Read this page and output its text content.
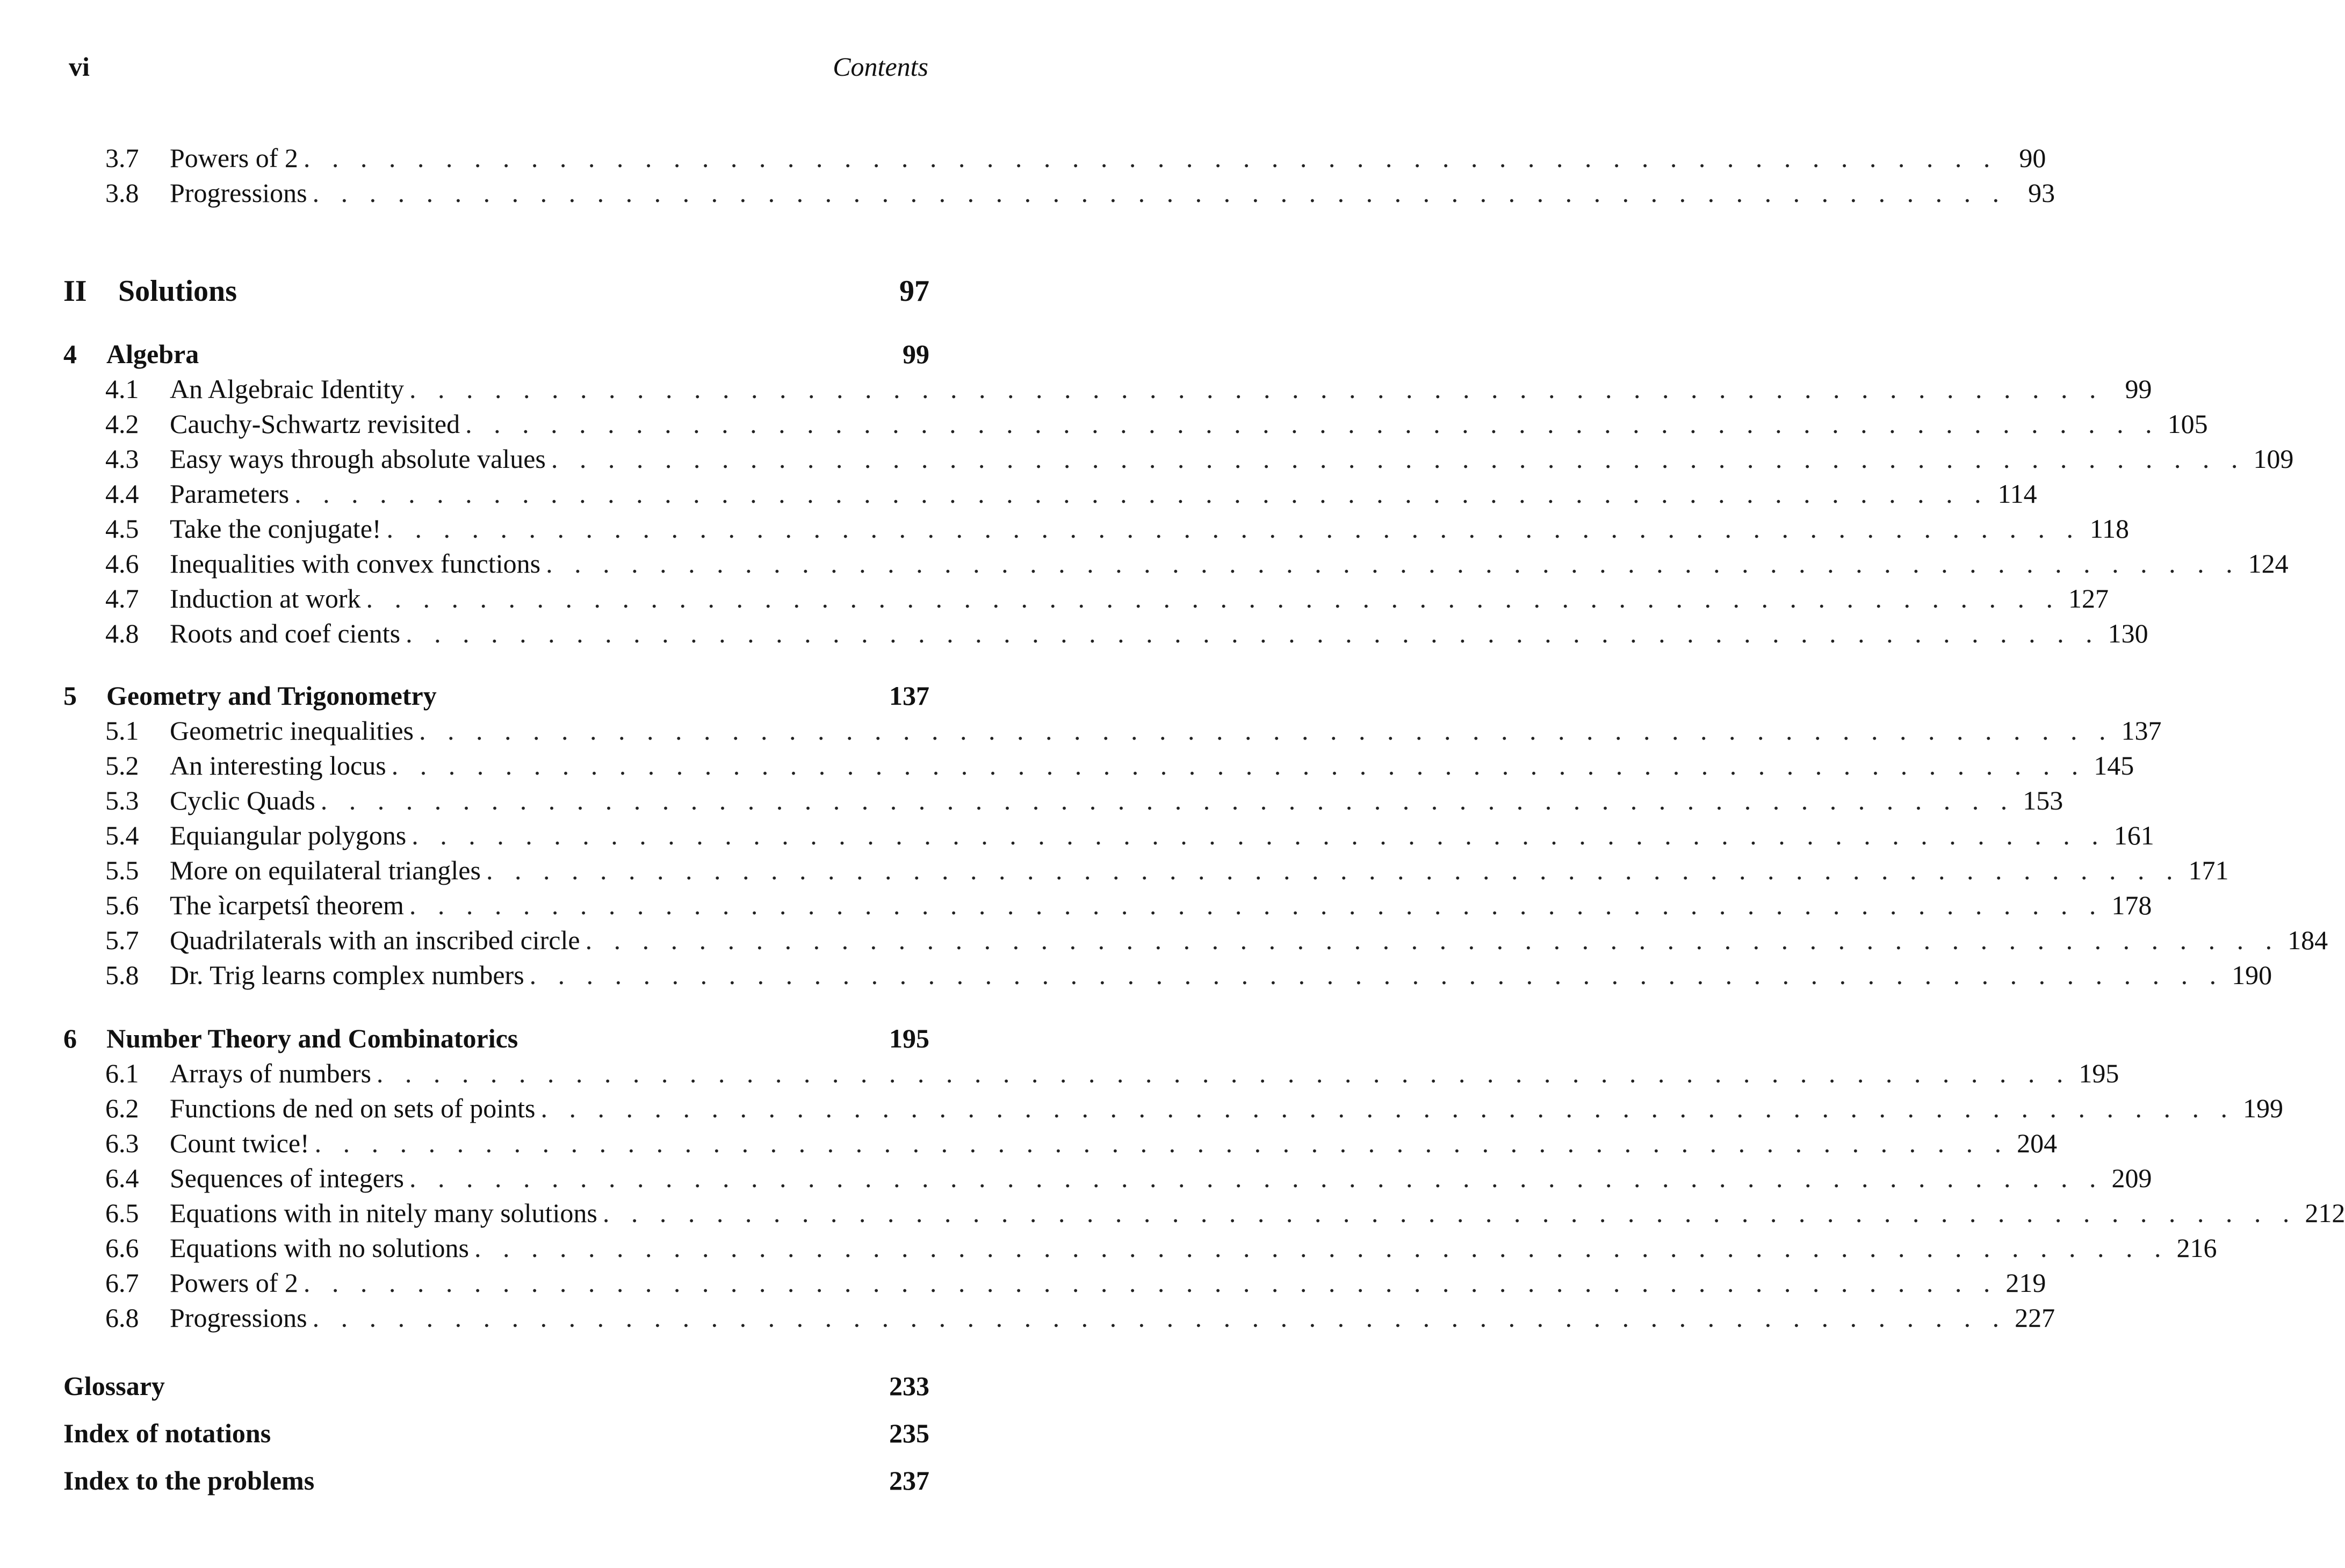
vi	Contents
3.7	Powers of 2 . . . . . . . . . . . . . . . . . . . . . . . . . . . . . . . . . . . . . . . . . . . . . . . . . . . . . . . . . . . . 90
3.8	Progressions . . . . . . . . . . . . . . . . . . . . . . . . . . . . . . . . . . . . . . . . . . . . . . . . . . . . . . . . . . . . 93
II	Solutions	97
4	Algebra	99
4.1	An Algebraic Identity . . . . . . . . . . . . . . . . . . . . . . . . . . . . . . . . . . . . . . . . . . . . . . . . . . . . . . . . . . . . 99
4.2	Cauchy-Schwartz revisited . . . . . . . . . . . . . . . . . . . . . . . . . . . . . . . . . . . . . . . . . . . . . . . . . . . . . . . . . . . . 105
4.3	Easy ways through absolute values . . . . . . . . . . . . . . . . . . . . . . . . . . . . . . . . . . . . . . . . . . . . . . . . . . . . . . . . . . . . 109
4.4	Parameters . . . . . . . . . . . . . . . . . . . . . . . . . . . . . . . . . . . . . . . . . . . . . . . . . . . . . . . . . . . . 114
4.5	Take the conjugate! . . . . . . . . . . . . . . . . . . . . . . . . . . . . . . . . . . . . . . . . . . . . . . . . . . . . . . . . . . . . 118
4.6	Inequalities with convex functions . . . . . . . . . . . . . . . . . . . . . . . . . . . . . . . . . . . . . . . . . . . . . . . . . . . . . . . . . . . . 124
4.7	Induction at work . . . . . . . . . . . . . . . . . . . . . . . . . . . . . . . . . . . . . . . . . . . . . . . . . . . . . . . . . . . . 127
4.8	Roots and coef cients . . . . . . . . . . . . . . . . . . . . . . . . . . . . . . . . . . . . . . . . . . . . . . . . . . . . . . . . . . . . 130
5	Geometry and Trigonometry	137
5.1	Geometric inequalities . . . . . . . . . . . . . . . . . . . . . . . . . . . . . . . . . . . . . . . . . . . . . . . . . . . . . . . . . . . . 137
5.2	An interesting locus . . . . . . . . . . . . . . . . . . . . . . . . . . . . . . . . . . . . . . . . . . . . . . . . . . . . . . . . . . . . 145
5.3	Cyclic Quads . . . . . . . . . . . . . . . . . . . . . . . . . . . . . . . . . . . . . . . . . . . . . . . . . . . . . . . . . . . . 153
5.4	Equiangular polygons . . . . . . . . . . . . . . . . . . . . . . . . . . . . . . . . . . . . . . . . . . . . . . . . . . . . . . . . . . . . 161
5.5	More on equilateral triangles . . . . . . . . . . . . . . . . . . . . . . . . . . . . . . . . . . . . . . . . . . . . . . . . . . . . . . . . . . . . 171
5.6	The ìcarpetsî theorem . . . . . . . . . . . . . . . . . . . . . . . . . . . . . . . . . . . . . . . . . . . . . . . . . . . . . . . . . . . . 178
5.7	Quadrilaterals with an inscribed circle . . . . . . . . . . . . . . . . . . . . . . . . . . . . . . . . . . . . . . . . . . . . . . . . . . . . . . . . . . . . 184
5.8	Dr. Trig learns complex numbers . . . . . . . . . . . . . . . . . . . . . . . . . . . . . . . . . . . . . . . . . . . . . . . . . . . . . . . . . . . . 190
6	Number Theory and Combinatorics	195
6.1	Arrays of numbers . . . . . . . . . . . . . . . . . . . . . . . . . . . . . . . . . . . . . . . . . . . . . . . . . . . . . . . . . . . . 195
6.2	Functions de ned on sets of points . . . . . . . . . . . . . . . . . . . . . . . . . . . . . . . . . . . . . . . . . . . . . . . . . . . . . . . . . . . . 199
6.3	Count twice! . . . . . . . . . . . . . . . . . . . . . . . . . . . . . . . . . . . . . . . . . . . . . . . . . . . . . . . . . . . . 204
6.4	Sequences of integers . . . . . . . . . . . . . . . . . . . . . . . . . . . . . . . . . . . . . . . . . . . . . . . . . . . . . . . . . . . . 209
6.5	Equations with in nitely many solutions . . . . . . . . . . . . . . . . . . . . . . . . . . . . . . . . . . . . . . . . . . . . . . . . . . . . . . . . . . . . 212
6.6	Equations with no solutions . . . . . . . . . . . . . . . . . . . . . . . . . . . . . . . . . . . . . . . . . . . . . . . . . . . . . . . . . . . . 216
6.7	Powers of 2 . . . . . . . . . . . . . . . . . . . . . . . . . . . . . . . . . . . . . . . . . . . . . . . . . . . . . . . . . . . . 219
6.8	Progressions . . . . . . . . . . . . . . . . . . . . . . . . . . . . . . . . . . . . . . . . . . . . . . . . . . . . . . . . . . . . 227
Glossary	233
Index of notations	235
Index to the problems	237
